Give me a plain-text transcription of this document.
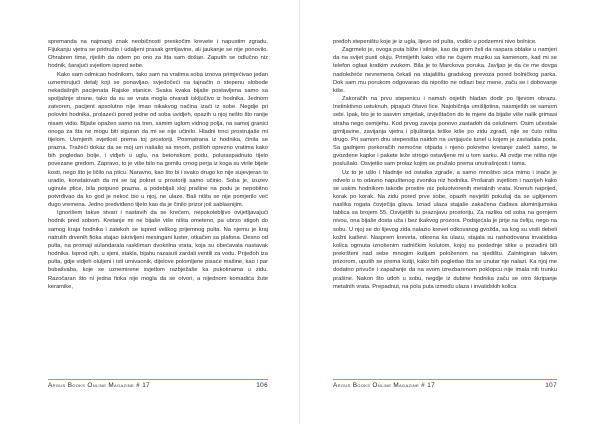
spremanda na najmanji znak neobičnosti preskočim krevete i napustim zgradu. Fijukanju vjetra se pridružio i udaljeni prasak grmljavine, ali jaukanje se nije ponovilo. Ohrabren time, riješih da odem po ono za šta sam došao. Zaputih se odlučno niz hodnik, šarajući svjetlom ispred sebe.

Kako sam odmicao hodnikom, tako sam na vratima soba iznova primjećivao jedan uznemirujući detalj koji se ponavljao, svjedočeći na tajnačin o stepenu slobode nekadašnjih pacijenata Rajske stanice. Svaka kvaka bijaše postavljena samo sa spoljašnje strane, tako da su se vrata mogla otvarati isključivo iz hodnika. Jednom zatvoren, pacijent apsolutno nije imao nikakvog načina izaći iz sobe. Negdje pri polovini hodnika, prolazeći pored jedne od soba uvidjeh, opazih u njoj nešto što ranije nisam vidio. Bijaše opažen samo na tren, samim uglom vidnog polja, na samoj granici onoga za šta ne mogu biti siguran da mi se nije učinilo. Hladni trnci prostrujaše mi tijelom. Usmjerih svjetlost prema toj prostoriji. Posmatrana iz hodnika, činila se prazna. Tražeći dokaz da se moj um našalio sa mnom, prišloh oprezno vratima kako bih pogledao bolje, i vidjeh u uglu, na betonskom podu, poluraspadnuto tijelo povezane gredom. Zapravo, to je više bilo na gomilu crnog perja iz koga su virile bijele kosti, nego što je ličilo na pticu. Naravno, kao što bi i svako drugo ko nije sujevjeran to uradio, konstatovah da mi se taj pokret u prostoriji samo učinio. Soba je, izuzev uginule ptice, bila potpuno prazna, a podebljali sloj prašine na podu je nepobitno potvrđivao da ko god je nekoć bio u njoj, ne ulaze. Baš ništa se nije pomjerilo već dugo vremena. Jedno predviđeno tijelo kao da je činilo prizor još sablasnijim.

Ignorišem takve stvari i nastavih da se krećem, nepokolebljivo ovijetljavajući hodnik pred sobom. Kretanje mi ne bijaše više ništa ometeno, pa ubrzo stigoh do samog kraja hodnika i zatekoh se ispred velikog prijemnog pulta. Na njemu je kraj natrulih drvenih fioka stajao iskrivljeni mesingani luster, otkačen sa plafona. Desno od pulta, na promaji sulandarala raskliman dvokrilna vrata, koja su obećavala nastavak hodnika. Isprod njih, u sjeni, stakla, bijahu razasuti zardali ventili za vodu. Prijeđoh iza pulta, gdje vidjeh oluljeni i isti umivaonik, dijelove polomljene pisaće mašine, kao i par bubašvaba, koje se uznemirene svjetlom razbježaše ka pukotinama u zidu. Razočaran što ni jedna fioka nije mogla da se otvori, a nijednom komadića žute keramike,

Argus Books Online Magazine # 17	106

pređoh stepeništu koje je iz ugla, lijevo od pulta, vodilo u podzemni nivo bolnice.

Zagrmelo je, ovoga puta bliže i silnije, kao da grom želi da raspara oblake u namjeri da na svijet pusti oluju. Primijetih kako više ne čujem muziku sa kamenom, kad mi se telefon oglasi kratkim zvukom. Bila je to Marckova poruka. Javljao je da će me dovga nadoležeće nevremena čekati na stajalištu gradskog prevoza pored bolničkog parka. Dok sam mu porukom odgovarao da nipošto ne odlazi bez mene, začu se i dobovanje kiše.

Zakoračih na prvu stepenicu i namah osjetih hladan dodir po lijevom obrazu. Instinktivno ustuknuh, pipajući čitavo lice. Najobičnija umišljotina, nasmješih se samom sebi. Ipak, bio je to sasvim smješak, izvještačen do te mjere da bijaše više nalik grimasi straha nego osmijehu. Kod prvog zavoja ponovo zastadoh da oslušnem. Osim učestale grmljavine, zavijanja vjetra i pljuštanja teške kiše po zidu zgradi, nije se čulo ništa drugo. Pri samom dnu stepeništa naidoh na uvrijajuće tunel u kojem je zavladala poda. Sa gadnjem prekoračih nemoćne otpada i njeno pokretno kretanje zaleći samo, te gvozdene kapke i pakete leže strogo ostavljene mi u tom sarku. Ali ovdje me ništa nije poslušalo. Osvjetlio sam prolaz kojim se pružalo prema unutrašnjosti i tama.

Uz to je ušlo i hladnije od ostatka zgrade, a samo mnoštvo sića mimo i inače je odvelo u to odavno napuštenog zvonika niz hodnika. Prošarah svjetlom i nazrijeh kako se uskim hodnikom takođe prostire niz poluotvorenih metalnih vrata. Krenuh naprijed, korak po korak. Na zidu pored prve sobe, opazih nevješti pokušaj da se uglijenom naslika rogata čovječija glava. Iznad ulaza stajaše zakačena čađava aluminijumska tablica sa brojem 55. Osvijetlih tu praznjavu prostoriju. Za razliku od soba na gornjem nivou, ona bijaše dosta uža i bez ikakvog prozora. Podsjećala je prije na ćeliju, nego na sobu. U njoj se do lijevog zida nalazio krevet odkovanog gvožđa, sa kog su visili debeli kožni kaiševi. Nasprem kreveta, otkrena ka ulazu, stajala su rashodovana invalidska kolica ogrnuta iznošenim radničkim kolutom, kojoj su poslednje slike u pozadini bili prekršteni nad sebe mnogim kutijam položenom na sjedištu. Zaintrigiran takvim prizorom, uputih se prema kutiji, kako bih pogledao šta se unutar nje nalazi. Ka njoj me dodatno privuče i zapažanje da na svom izrezbarenom poklopcu nije imala niti trunku prašine. Nakon što uđoh u sobu, negdje iz dubine hodnika začu se otro škripanje metalnih vrata. Prepadnut, na pola puta između ulaza i invalidskih kolica

Argus Books Online Magazine # 17	107
